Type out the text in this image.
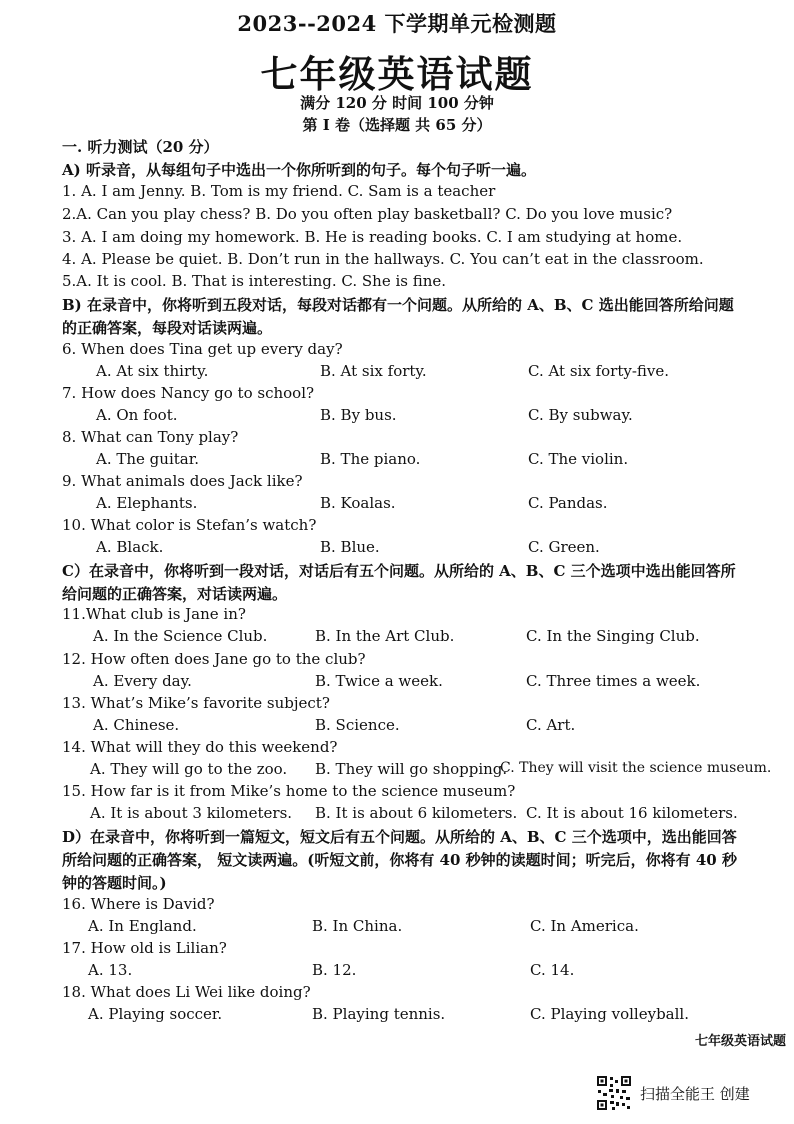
2023--2024 下学期单元检测题
七年级英语试题
满分 120 分 时间 100 分钟
第 I 卷（选择题 共 65 分）
一. 听力测试（20 分）
A) 听录音，从每组句子中选出一个你所听到的句子。每个句子听一遍。
1. A. I am Jenny. B. Tom is my friend. C. Sam is a teacher
2.A. Can you play chess? B. Do you often play basketball? C. Do you love music?
3. A. I am doing my homework. B. He is reading books. C. I am studying at home.
4. A. Please be quiet. B. Don’t run in the hallways. C. You can’t eat in the classroom.
5.A. It is cool. B. That is interesting. C. She is fine.
B) 在录音中，你将听到五段对话，每段对话都有一个问题。从所给的 A、B、C 选出能回答所给问题
的正确答案，每段对话读两遍。
6. When does Tina get up every day?
A. At six thirty.	B. At six forty.	C. At six forty-five.
7. How does Nancy go to school?
A. On foot.	B. By bus.	C. By subway.
8. What can Tony play?
A. The guitar.	B. The piano.	C. The violin.
9. What animals does Jack like?
A. Elephants.	B. Koalas.	C. Pandas.
10. What color is Stefan’s watch?
A. Black.	B. Blue.	C. Green.
C）在录音中，你将听到一段对话，对话后有五个问题。从所给的 A、B、C 三个选项中选出能回答所
给问题的正确答案，对话读两遍。
11.What club is Jane in?
A. In the Science Club.	B. In the Art Club.	C. In the Singing Club.
12. How often does Jane go to the club?
A. Every day.	B. Twice a week.	C. Three times a week.
13. What’s Mike’s favorite subject?
A. Chinese.	B. Science.	C. Art.
14. What will they do this weekend?
A. They will go to the zoo. B. They will go shopping.
C. They will visit the science museum.
15. How far is it from Mike’s home to the science museum?
A. It is about 3 kilometers. B. It is about 6 kilometers. C. It is about 16 kilometers.
D）在录音中，你将听到一篇短文，短文后有五个问题。从所给的 A、B、C 三个选项中，选出能回答
所给问题的正确答案， 短文读两遍。(听短文前，你将有 40 秒钟的读题时间；听完后，你将有 40 秒
钟的答题时间。)
16. Where is David?
A. In England.	B. In China.	C. In America.
17. How old is Lilian?
A. 13.	B. 12.	C. 14.
18. What does Li Wei like doing?
A. Playing soccer.	B. Playing tennis.	C. Playing volleyball.
七年级英语试题
扫描全能王 创建
